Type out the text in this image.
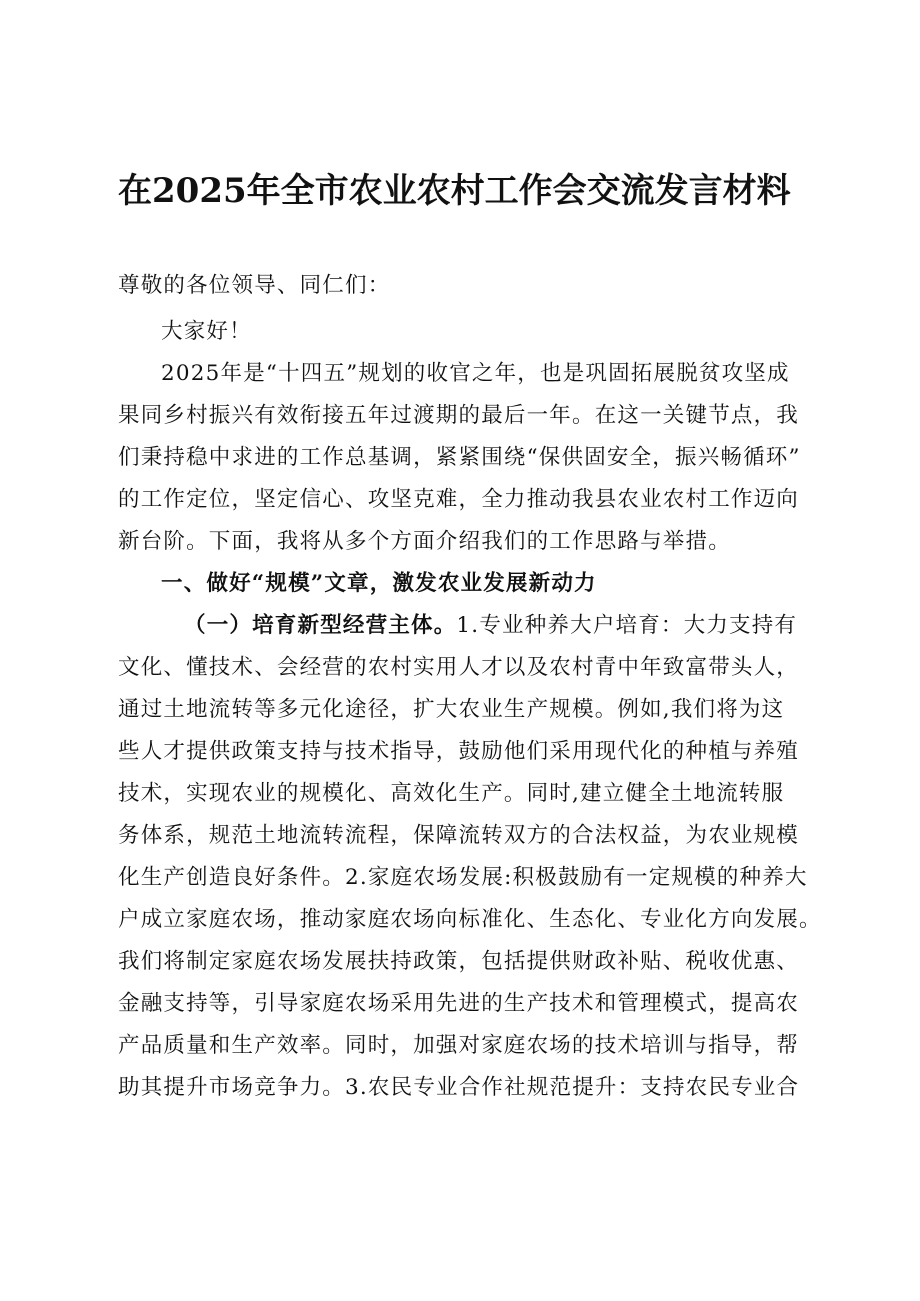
在2025年全市农业农村工作会交流发言材料
尊敬的各位领导、同仁们：
大家好！
2025年是“十四五”规划的收官之年，也是巩固拓展脱贫攻坚成
果同乡村振兴有效衔接五年过渡期的最后一年。在这一关键节点，我
们秉持稳中求进的工作总基调，紧紧围绕“保供固安全，振兴畅循环”
的工作定位，坚定信心、攻坚克难，全力推动我县农业农村工作迈向
新台阶。下面，我将从多个方面介绍我们的工作思路与举措。
一、做好“规模”文章，激发农业发展新动力
（一）培育新型经营主体。1.专业种养大户培育：大力支持有
文化、懂技术、会经营的农村实用人才以及农村青中年致富带头人，
通过土地流转等多元化途径，扩大农业生产规模。例如,我们将为这
些人才提供政策支持与技术指导，鼓励他们采用现代化的种植与养殖
技术，实现农业的规模化、高效化生产。同时,建立健全土地流转服
务体系，规范土地流转流程，保障流转双方的合法权益，为农业规模
化生产创造良好条件。2.家庭农场发展:积极鼓励有一定规模的种养大
户成立家庭农场，推动家庭农场向标准化、生态化、专业化方向发展。
我们将制定家庭农场发展扶持政策，包括提供财政补贴、税收优惠、
金融支持等，引导家庭农场采用先进的生产技术和管理模式，提高农
产品质量和生产效率。同时，加强对家庭农场的技术培训与指导，帮
助其提升市场竞争力。3.农民专业合作社规范提升：支持农民专业合
